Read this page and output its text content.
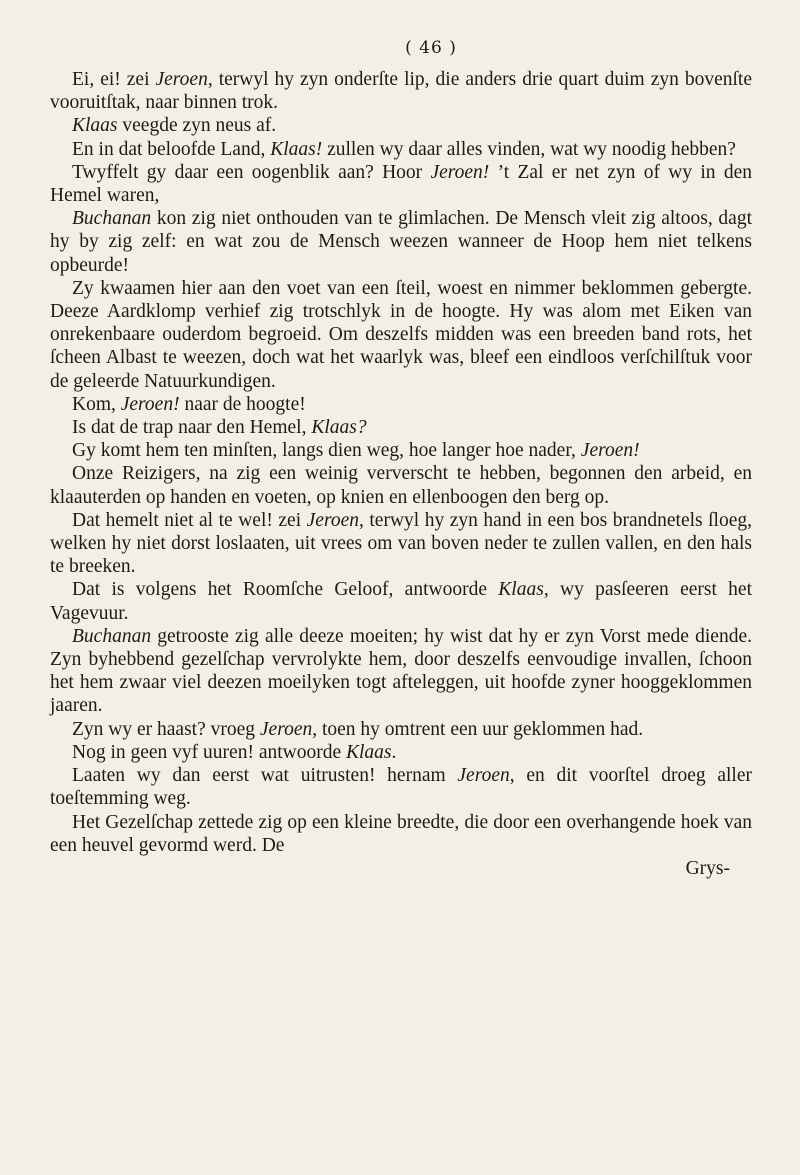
( 46 )

Ei, ei! zei Jeroen, terwyl hy zyn onderſte lip, die anders drie quart duim zyn bovenſte vooruitſtak, naar binnen trok.

Klaas veegde zyn neus af.

En in dat beloofde Land, Klaas! zullen wy daar alles vinden, wat wy noodig hebben?

Twyffelt gy daar een oogenblik aan? Hoor Jeroen! ’t Zal er net zyn of wy in den Hemel waren,

Buchanan kon zig niet onthouden van te glimlachen. De Mensch vleit zig altoos, dagt hy by zig zelf: en wat zou de Mensch weezen wanneer de Hoop hem niet telkens opbeurde!

Zy kwaamen hier aan den voet van een ſteil, woest en nimmer beklommen gebergte. Deeze Aardklomp verhief zig trotschlyk in de hoogte. Hy was alom met Eiken van onrekenbaare ouderdom begroeid. Om deszelfs midden was een breeden band rots, het ſcheen Albast te weezen, doch wat het waarlyk was, bleef een eindloos verſchilſtuk voor de geleerde Natuurkundigen.

Kom, Jeroen! naar de hoogte!

Is dat de trap naar den Hemel, Klaas?

Gy komt hem ten minſten, langs dien weg, hoe langer hoe nader, Jeroen!

Onze Reizigers, na zig een weinig ververscht te hebben, begonnen den arbeid, en klaauterden op handen en voeten, op knien en ellenboogen den berg op.

Dat hemelt niet al te wel! zei Jeroen, terwyl hy zyn hand in een bos brandnetels ſloeg, welken hy niet dorst loslaaten, uit vrees om van boven neder te zullen vallen, en den hals te breeken.

Dat is volgens het Roomſche Geloof, antwoorde Klaas, wy pasſeeren eerst het Vagevuur.

Buchanan getrooste zig alle deeze moeiten; hy wist dat hy er zyn Vorst mede diende. Zyn byhebbend gezelſchap vervrolykte hem, door deszelfs eenvoudige invallen, ſchoon het hem zwaar viel deezen moeilyken togt afteleggen, uit hoofde zyner hooggeklommen jaaren.

Zyn wy er haast? vroeg Jeroen, toen hy omtrent een uur geklommen had.

Nog in geen vyf uuren! antwoorde Klaas.

Laaten wy dan eerst wat uitrusten! hernam Jeroen, en dit voorſtel droeg aller toeſtemming weg.

Het Gezelſchap zettede zig op een kleine breedte, die door een overhangende hoek van een heuvel gevormd werd. De

Grys-
